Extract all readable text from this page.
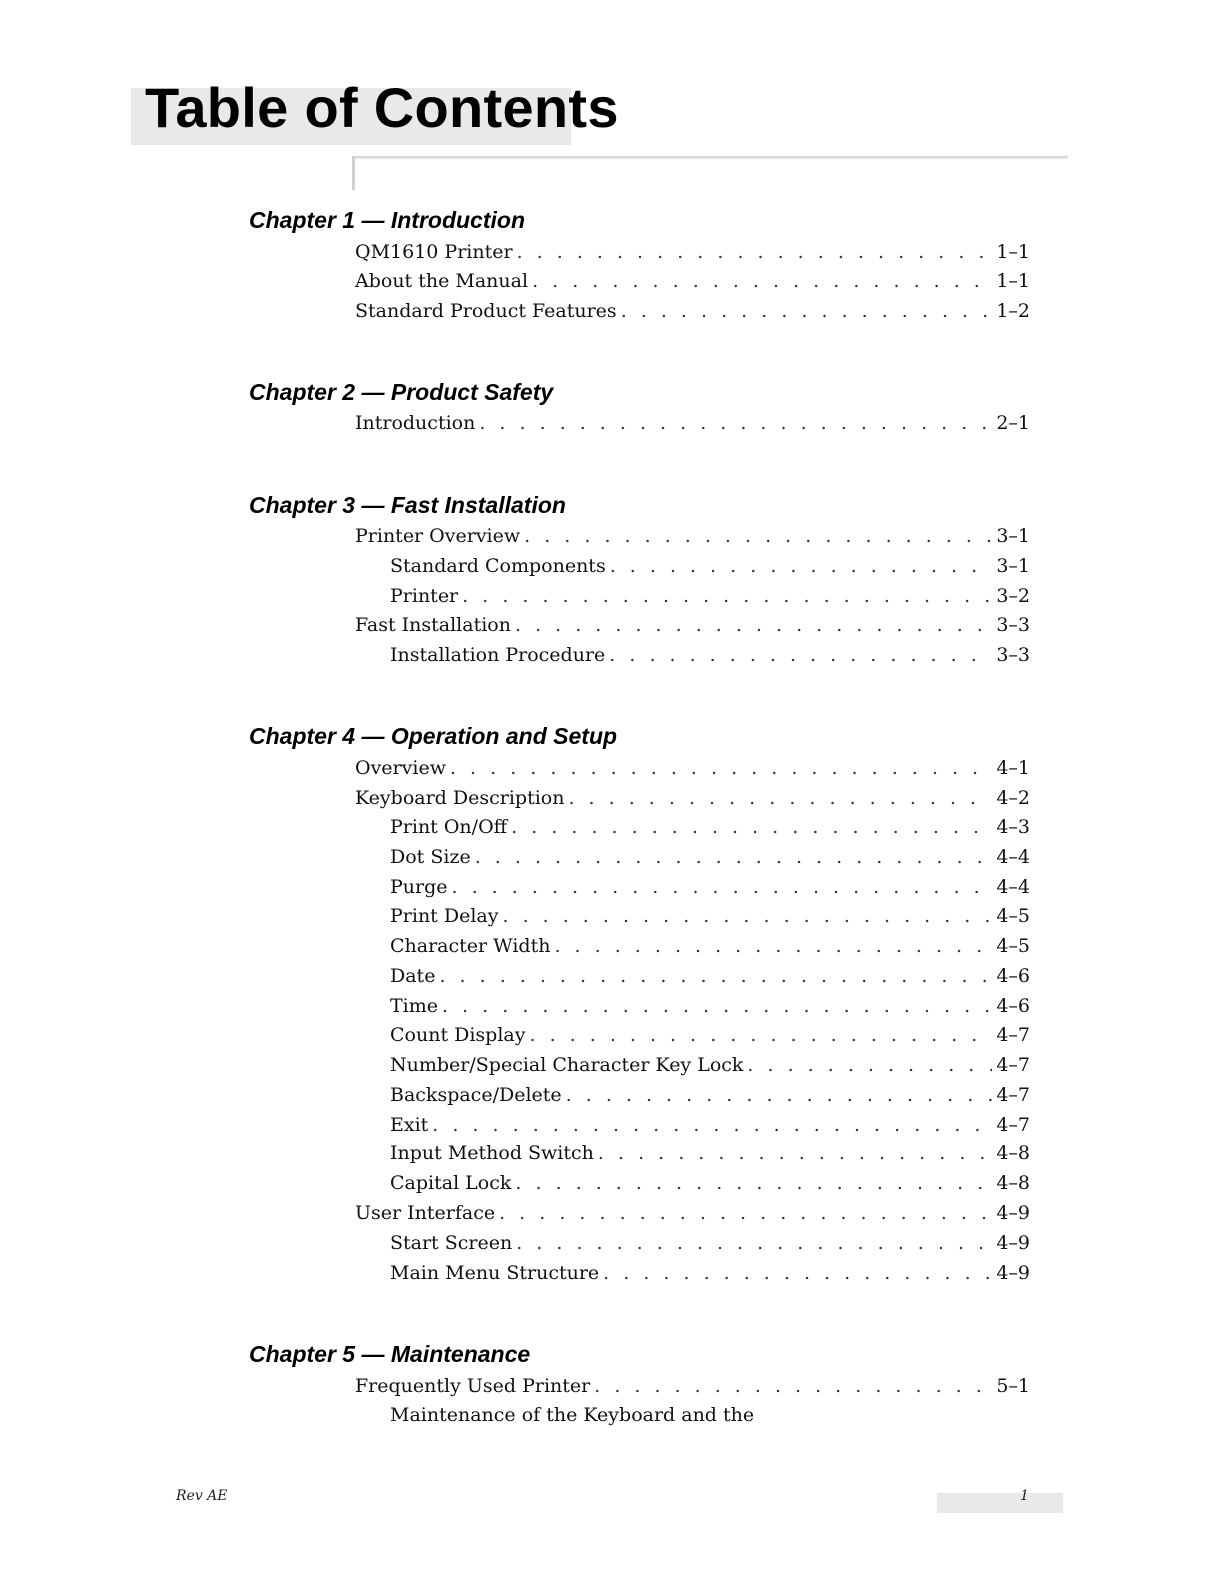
Table of Contents
Chapter 1 — Introduction
QM1610 Printer . . .	1–1
About the Manual . . .	1–1
Standard Product Features . . .	1–2
Chapter 2 — Product Safety
Introduction . . .	2–1
Chapter 3 — Fast Installation
Printer Overview . . .	3–1
Standard Components . . .	3–1
Printer . . .	3–2
Fast Installation . . .	3–3
Installation Procedure . . .	3–3
Chapter 4 — Operation and Setup
Overview . . .	4–1
Keyboard Description . . .	4–2
Print On/Off . . .	4–3
Dot Size . . .	4–4
Purge . . .	4–4
Print Delay . . .	4–5
Character Width . . .	4–5
Date . . .	4–6
Time . . .	4–6
Count Display . . .	4–7
Number/Special Character Key Lock . . .	4–7
Backspace/Delete . . .	4–7
Exit . . .	4–7
Input Method Switch . . .	4–8
Capital Lock . . .	4–8
User Interface . . .	4–9
Start Screen . . .	4–9
Main Menu Structure . . .	4–9
Chapter 5 — Maintenance
Frequently Used Printer . . .	5–1
Maintenance of the Keyboard and the
Rev AE	1
